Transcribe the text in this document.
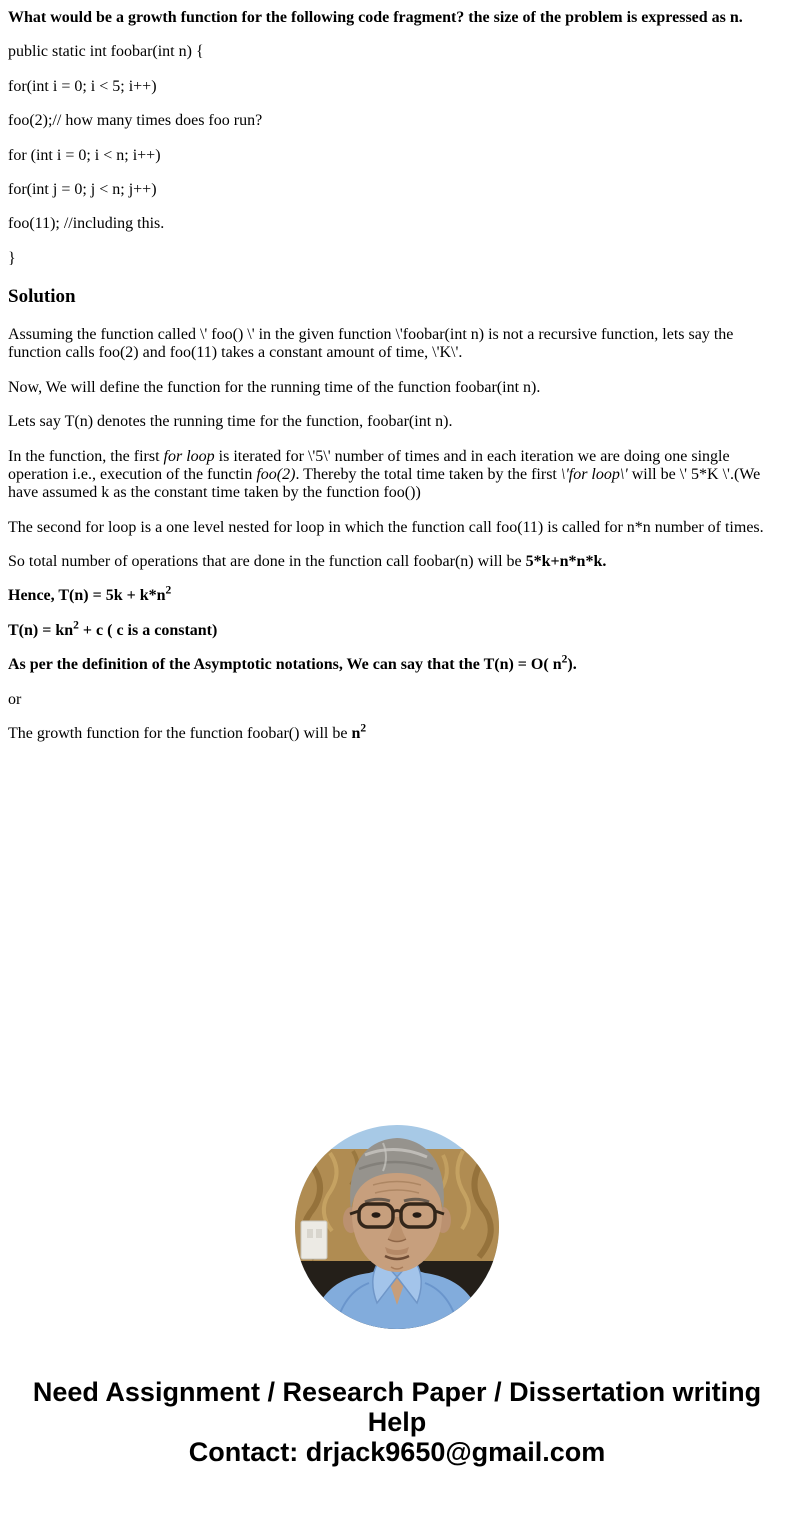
What would be a growth function for the following code fragment? the size of the problem is expressed as n.

public static int foobar(int n) {

for(int i = 0; i < 5; i++)

foo(2);// how many times does foo run?

for (int i = 0; i < n; i++)

for(int j = 0; j < n; j++)

foo(11); //including this.

}

Solution

Assuming the function called \' foo() \' in the given function \'foobar(int n) is not a recursive function, lets say the function calls foo(2) and foo(11) takes a constant amount of time, \'K\'.

Now, We will define the function for the running time of the function foobar(int n).

Lets say T(n) denotes the running time for the function, foobar(int n).

In the function, the first for loop is iterated for \'5\' number of times and in each iteration we are doing one single operation i.e., execution of the functin foo(2). Thereby the total time taken by the first \'for loop\' will be \' 5*K \'.(We have assumed k as the constant time taken by the function foo())

The second for loop is a one level nested for loop in which the function call foo(11) is called for n*n number of times.

So total number of operations that are done in the function call foobar(n) will be 5*k+n*n*k.

Hence, $T(n) = 5k + k*n^2$

$T(n) = kn^2 + c$ ( c is a constant)

As per the definition of the Asymptotic notations, We can say that the T(n) = O( $n^2$).

or

The growth function for the function foobar() will be $n^2$

Need Assignment / Research Paper / Dissertation writing Help
Contact: drjack9650@gmail.com
